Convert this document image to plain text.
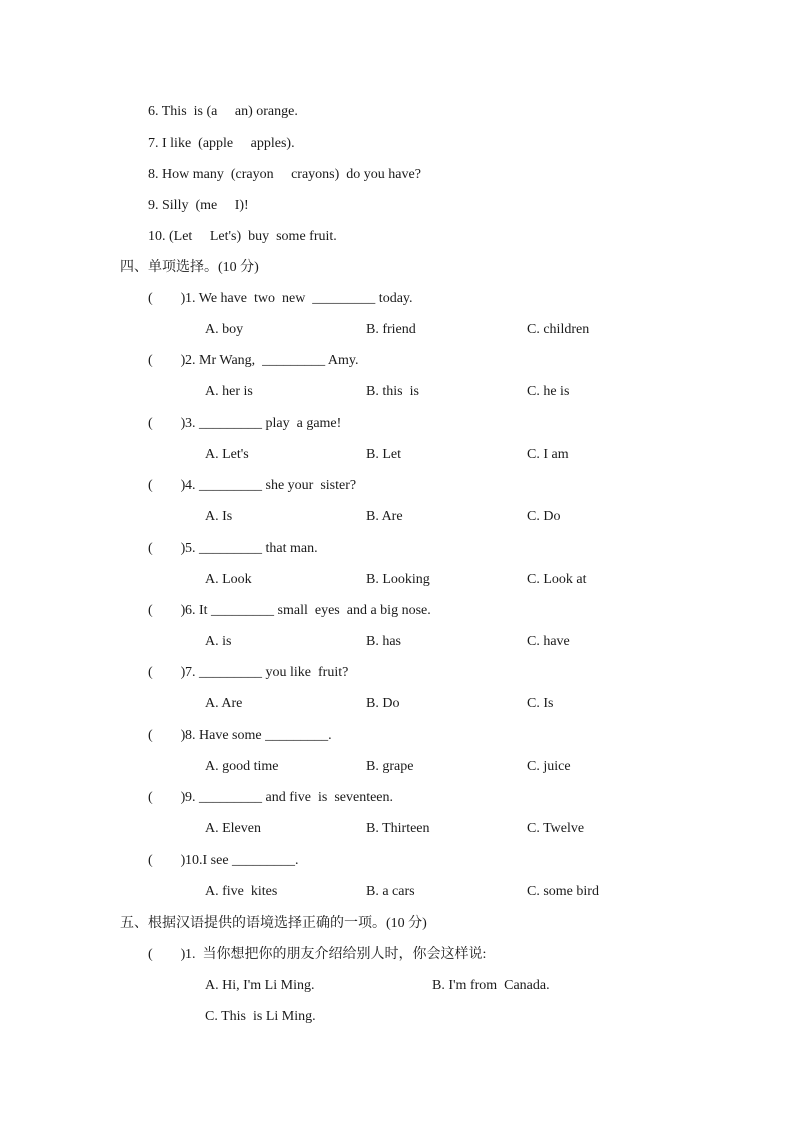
6. This  is (a     an) orange.
7. I like  (apple     apples).
8. How many  (crayon     crayons)  do you have?
9. Silly  (me     I)!
10. (Let     Let's)  buy  some fruit.
四、单项选择。(10 分)
(        ) 1. We have  two  new  _________ today.
A. boy	B. friend	C. children
(        ) 2. Mr Wang,  _________ Amy.
A. her is	B. this  is	C. he is
(        ) 3. _________ play  a game!
A. Let's	B. Let	C. I am
(        ) 4. _________ she your  sister?
A. Is	B. Are	C. Do
(        ) 5. _________ that man.
A. Look	B. Looking	C. Look at
(        ) 6. It _________ small  eyes  and a big nose.
A. is	B. has	C. have
(        ) 7. _________ you like  fruit?
A. Are	B. Do	C. Is
(        ) 8. Have some _________.
A. good time	B. grape	C. juice
(        ) 9. _________ and five  is  seventeen.
A. Eleven	B. Thirteen	C. Twelve
(        ) 10.I see _________.
A. five  kites	B. a cars	C. some bird
五、根据汉语提供的语境选择正确的一项。(10 分)
(        ) 1.  当你想把你的朋友介绍给别人时，你会这样说:
A. Hi, I'm Li Ming.	B. I'm from  Canada.
C. This  is Li Ming.
